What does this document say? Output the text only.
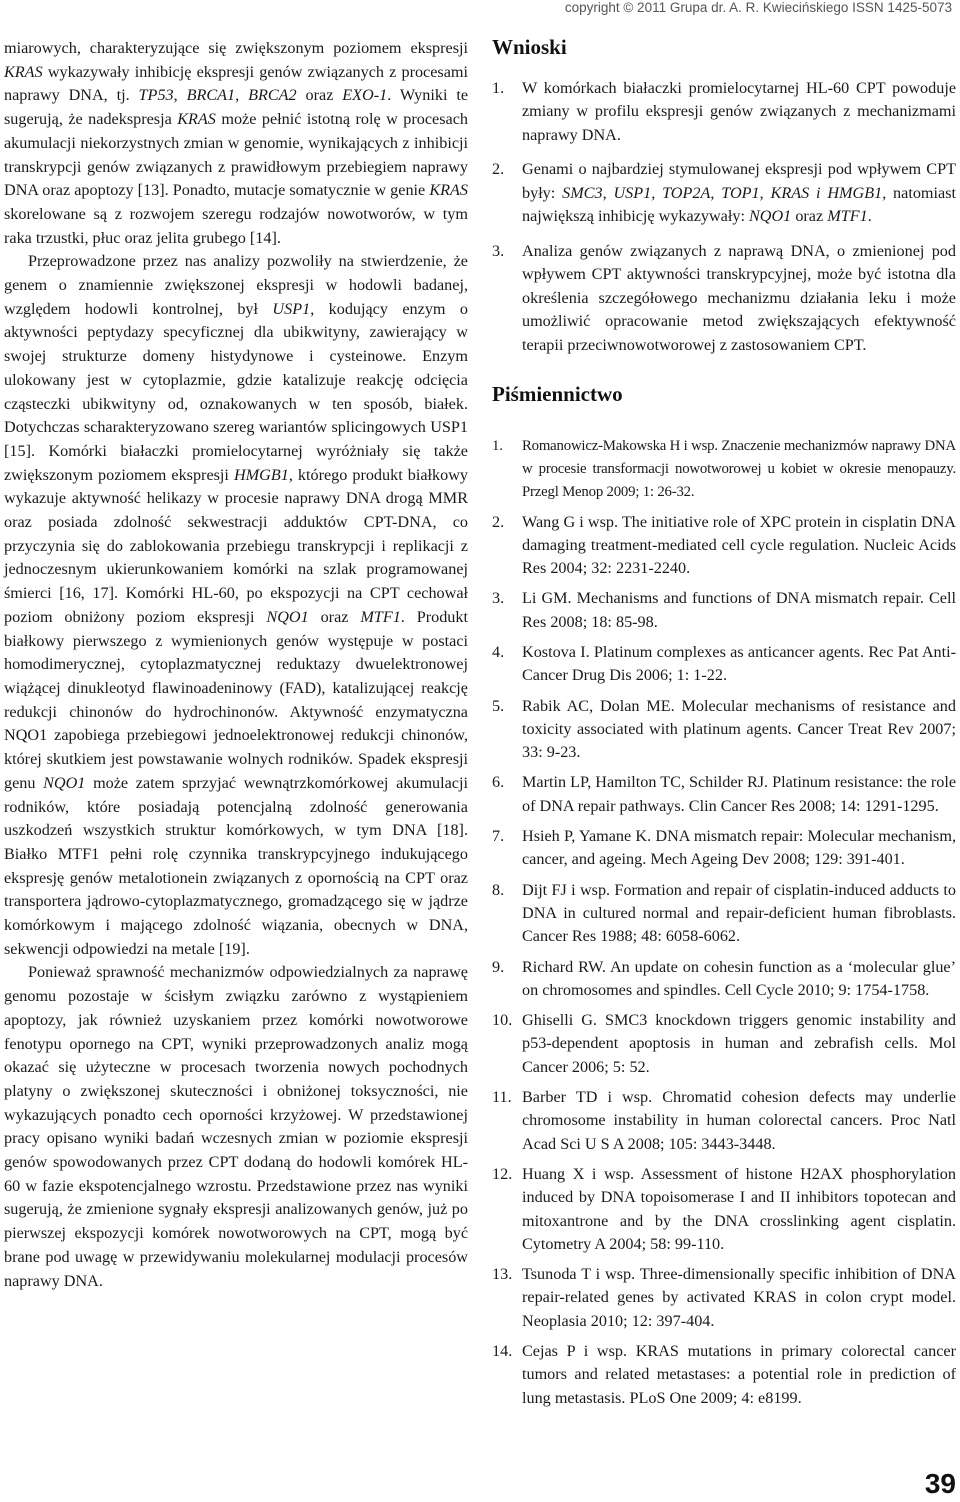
copyright © 2011 Grupa dr. A. R. Kwiecińskiego ISSN 1425-5073

miarowych, charakteryzujące się zwiększonym poziomem ekspresji KRAS wykazywały inhibicję ekspresji genów związanych z procesami naprawy DNA, tj. TP53, BRCA1, BRCA2 oraz EXO-1. Wyniki te sugerują, że nadekspresja KRAS może pełnić istotną rolę w procesach akumulacji niekorzystnych zmian w genomie, wynikających z inhibicji transkrypcji genów związanych z prawidłowym przebiegiem naprawy DNA oraz apoptozy [13]. Ponadto, mutacje somatycznie w genie KRAS skorelowane są z rozwojem szeregu rodzajów nowotworów, w tym raka trzustki, płuc oraz jelita grubego [14].

Przeprowadzone przez nas analizy pozwoliły na stwierdzenie, że genem o znamiennie zwiększonej ekspresji w hodowli badanej, względem hodowli kontrolnej, był USP1, kodujący enzym o aktywności peptydazy specyficznej dla ubikwityny, zawierający w swojej strukturze domeny histydynowe i cysteinowe. Enzym ulokowany jest w cytoplazmie, gdzie katalizuje reakcję odcięcia cząsteczki ubikwityny od, oznakowanych w ten sposób, białek. Dotychczas scharakteryzowano szereg wariantów splicingowych USP1 [15]. Komórki białaczki promielocytarnej wyróżniały się także zwiększonym poziomem ekspresji HMGB1, którego produkt białkowy wykazuje aktywność helikazy w procesie naprawy DNA drogą MMR oraz posiada zdolność sekwestracji adduktów CPT-DNA, co przyczynia się do zablokowania przebiegu transkrypcji i replikacji z jednoczesnym ukierunkowaniem komórki na szlak programowanej śmierci [16, 17]. Komórki HL-60, po ekspozycji na CPT cechował poziom obniżony poziom ekspresji NQO1 oraz MTF1. Produkt białkowy pierwszego z wymienionych genów występuje w postaci homodimerycznej, cytoplazmatycznej reduktazy dwuelektronowej wiążącej dinukleotyd flawinoadeninowy (FAD), katalizującej reakcję redukcji chinonów do hydrochinonów. Aktywność enzymatyczna NQO1 zapobiega przebiegowi jednoelektronowej redukcji chinonów, której skutkiem jest powstawanie wolnych rodników. Spadek ekspresji genu NQO1 może zatem sprzyjać wewnątrzkomórkowej akumulacji rodników, które posiadają potencjalną zdolność generowania uszkodzeń wszystkich struktur komórkowych, w tym DNA [18]. Białko MTF1 pełni rolę czynnika transkrypcyjnego indukującego ekspresję genów metalotionein związanych z opornością na CPT oraz transportera jądrowo-cytoplazmatycznego, gromadzącego się w jądrze komórkowym i mającego zdolność wiązania, obecnych w DNA, sekwencji odpowiedzi na metale [19].

Ponieważ sprawność mechanizmów odpowiedzialnych za naprawę genomu pozostaje w ścisłym związku zarówno z wystąpieniem apoptozy, jak również uzyskaniem przez komórki nowotworowe fenotypu opornego na CPT, wyniki przeprowadzonych analiz mogą okazać się użyteczne w procesach tworzenia nowych pochodnych platyny o zwiększonej skuteczności i obniżonej toksyczności, nie wykazujących ponadto cech oporności krzyżowej. W przedstawionej pracy opisano wyniki badań wczesnych zmian w poziomie ekspresji genów spowodowanych przez CPT dodaną do hodowli komórek HL-60 w fazie ekspotencjalnego wzrostu. Przedstawione przez nas wyniki sugerują, że zmienione sygnały ekspresji analizowanych genów, już po pierwszej ekspozycji komórek nowotworowych na CPT, mogą być brane pod uwagę w przewidywaniu molekularnej modulacji procesów naprawy DNA.

Wnioski
1. W komórkach białaczki promielocytarnej HL-60 CPT powoduje zmiany w profilu ekspresji genów związanych z mechanizmami naprawy DNA.
2. Genami o najbardziej stymulowanej ekspresji pod wpływem CPT były: SMC3, USP1, TOP2A, TOP1, KRAS i HMGB1, natomiast największą inhibicję wykazywały: NQO1 oraz MTF1.
3. Analiza genów związanych z naprawą DNA, o zmienionej pod wpływem CPT aktywności transkrypcyjnej, może być istotna dla określenia szczegółowego mechanizmu działania leku i może umożliwić opracowanie metod zwiększających efektywność terapii przeciwnowotworowej z zastosowaniem CPT.
Piśmiennictwo
1. Romanowicz-Makowska H i wsp. Znaczenie mechanizmów naprawy DNA w procesie transformacji nowotworowej u kobiet w okresie menopauzy. Przegl Menop 2009; 1: 26-32.
2. Wang G i wsp. The initiative role of XPC protein in cisplatin DNA damaging treatment-mediated cell cycle regulation. Nucleic Acids Res 2004; 32: 2231-2240.
3. Li GM. Mechanisms and functions of DNA mismatch repair. Cell Res 2008; 18: 85-98.
4. Kostova I. Platinum complexes as anticancer agents. Rec Pat Anti-Cancer Drug Dis 2006; 1: 1-22.
5. Rabik AC, Dolan ME. Molecular mechanisms of resistance and toxicity associated with platinum agents. Cancer Treat Rev 2007; 33: 9-23.
6. Martin LP, Hamilton TC, Schilder RJ. Platinum resistance: the role of DNA repair pathways. Clin Cancer Res 2008; 14: 1291-1295.
7. Hsieh P, Yamane K. DNA mismatch repair: Molecular mechanism, cancer, and ageing. Mech Ageing Dev 2008; 129: 391-401.
8. Dijt FJ i wsp. Formation and repair of cisplatin-induced adducts to DNA in cultured normal and repair-deficient human fibroblasts. Cancer Res 1988; 48: 6058-6062.
9. Richard RW. An update on cohesin function as a ‘molecular glue’ on chromosomes and spindles. Cell Cycle 2010; 9: 1754-1758.
10. Ghiselli G. SMC3 knockdown triggers genomic instability and p53-dependent apoptosis in human and zebrafish cells. Mol Cancer 2006; 5: 52.
11. Barber TD i wsp. Chromatid cohesion defects may underlie chromosome instability in human colorectal cancers. Proc Natl Acad Sci U S A 2008; 105: 3443-3448.
12. Huang X i wsp. Assessment of histone H2AX phosphorylation induced by DNA topoisomerase I and II inhibitors topotecan and mitoxantrone and by the DNA crosslinking agent cisplatin. Cytometry A 2004; 58: 99-110.
13. Tsunoda T i wsp. Three-dimensionally specific inhibition of DNA repair-related genes by activated KRAS in colon crypt model. Neoplasia 2010; 12: 397-404.
14. Cejas P i wsp. KRAS mutations in primary colorectal cancer tumors and related metastases: a potential role in prediction of lung metastasis. PLoS One 2009; 4: e8199.
39
